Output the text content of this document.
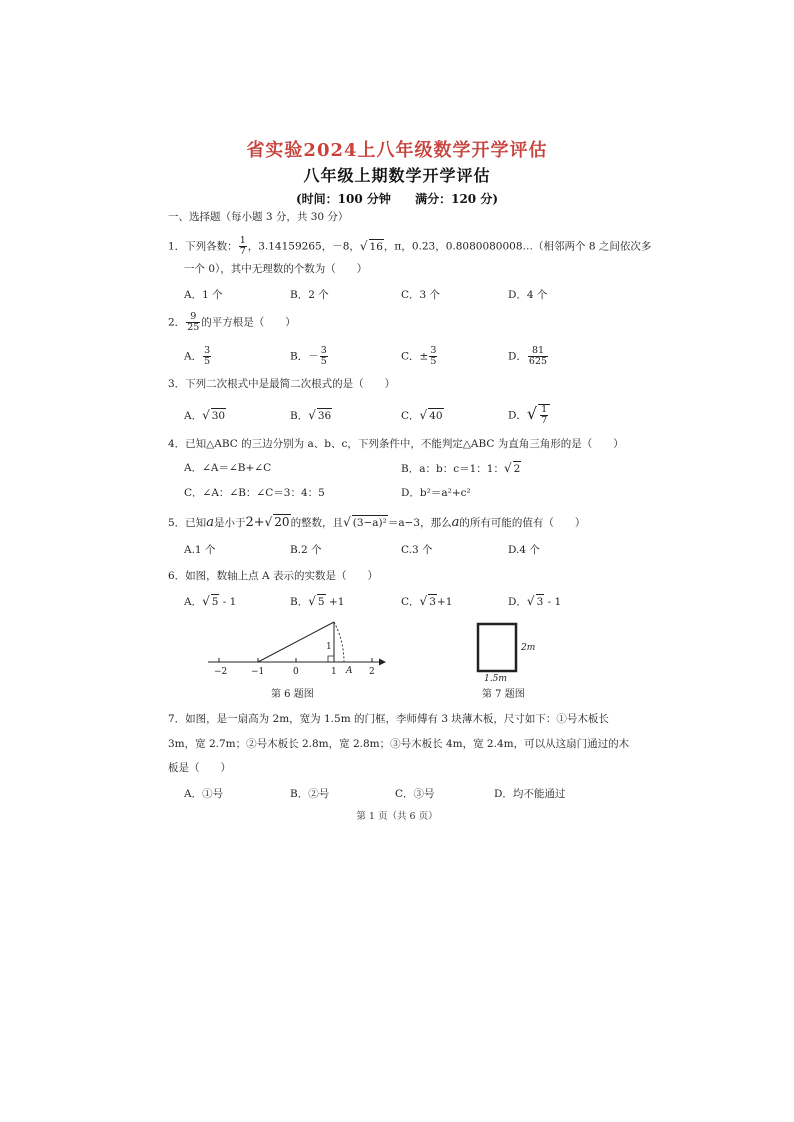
省实验2024上八年级数学开学评估
八年级上期数学开学评估
(时间：100 分钟 满分：120 分)
一、选择题（每小题 3 分，共 30 分）
1．下列各数： $\frac{1}{7}$ ，3.14159265，－8，√ 16，π，0.23，0.8080080008…（相邻两个 8 之间依次多
一个 0），其中无理数的个数为（　　）
A．1 个	B．2 个	C．3 个	D．4 个
2． $\frac{9}{25}$ 的平方根是（　　）
A． $\frac{3}{5}$	B．－ $\frac{3}{5}$	C．± $\frac{3}{5}$	D． $\frac{81}{625}$
3．下列二次根式中是最简二次根式的是（　　）
A．√ 30	B．√ 36	C．√ 40	D．√ $\frac{1}{7}$
4．已知△ABC 的三边分别为 a、b、c，下列条件中，不能判定△ABC 为直角三角形的是（　　）
A．∠A＝∠B+∠C	B．a：b：c＝1：1：√ 2
C．∠A：∠B：∠C＝3：4：5	D．b²＝a²+c²
5．已知a是小于2+√ 20的整数，且√ (3−a)²＝a−3，那么a的所有可能的值有（　　）
A.1 个	B.2 个	C.3 个	D.4 个
6．如图，数轴上点 A 表示的实数是（　　）
A．√ 5 - 1	B．√ 5 +1	C．√ 3+1	D．√ 3 - 1
−2	−1	0	1	2
1
A
第 6 题图
2m
1.5m
第 7 题图
7．如图，是一扇高为 2m，宽为 1.5m 的门框，李师傅有 3 块薄木板，尺寸如下：①号木板长
3m，宽 2.7m；②号木板长 2.8m，宽 2.8m；③号木板长 4m，宽 2.4m，可以从这扇门通过的木
板是（　　）
A．①号	B．②号	C．③号	D．均不能通过
第 1 页（共 6 页）
